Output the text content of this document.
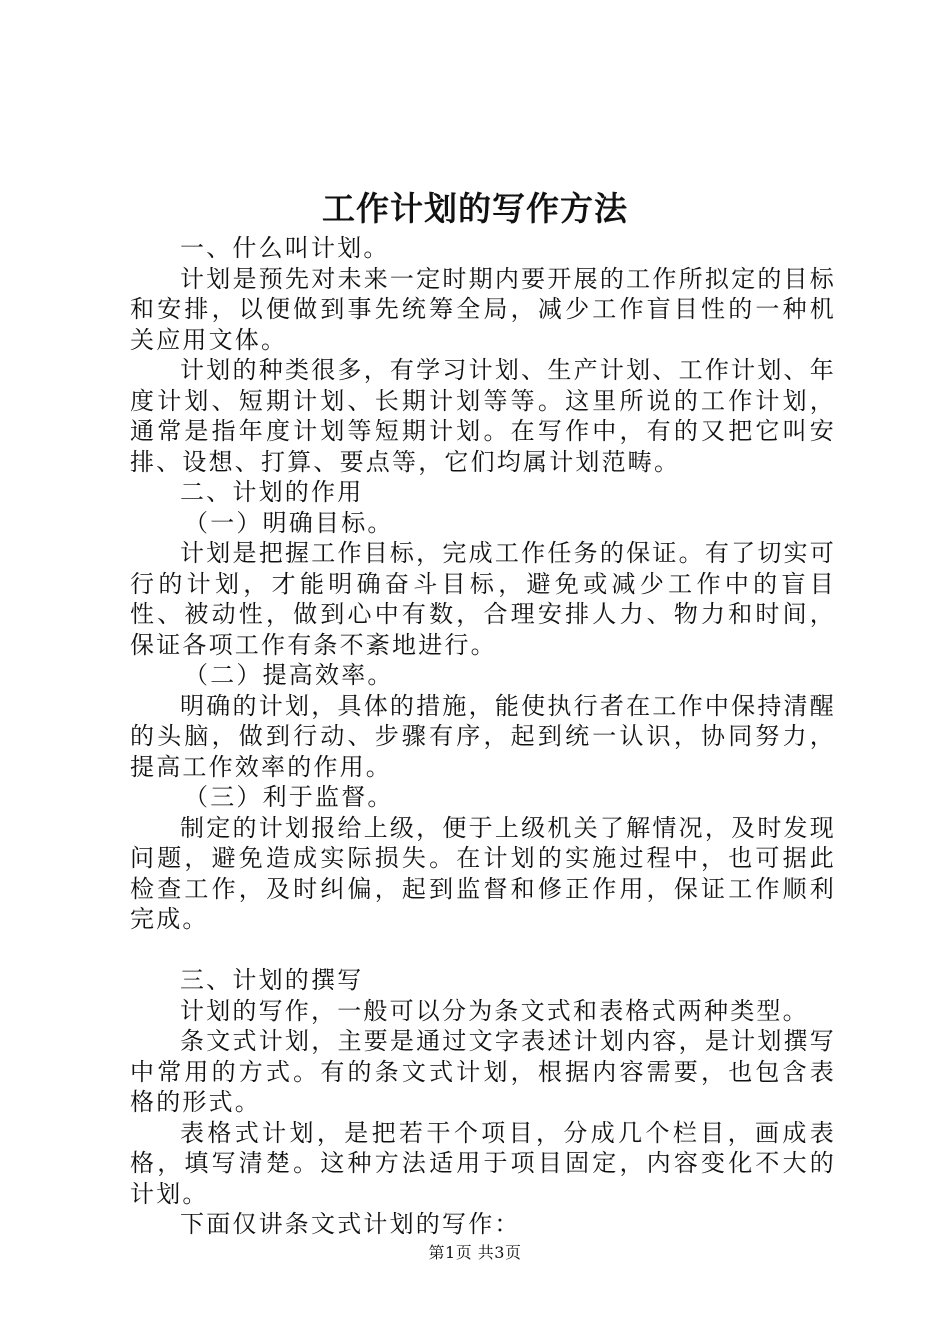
工作计划的写作方法

一、什么叫计划。

计划是预先对未来一定时期内要开展的工作所拟定的目标和安排，以便做到事先统筹全局，减少工作盲目性的一种机关应用文体。

计划的种类很多，有学习计划、生产计划、工作计划、年度计划、短期计划、长期计划等等。这里所说的工作计划，通常是指年度计划等短期计划。在写作中，有的又把它叫安排、设想、打算、要点等，它们均属计划范畴。

二、计划的作用

（一）明确目标。

计划是把握工作目标，完成工作任务的保证。有了切实可行的计划，才能明确奋斗目标，避免或减少工作中的盲目性、被动性，做到心中有数，合理安排人力、物力和时间，保证各项工作有条不紊地进行。

（二）提高效率。

明确的计划，具体的措施，能使执行者在工作中保持清醒的头脑，做到行动、步骤有序，起到统一认识，协同努力，提高工作效率的作用。

（三）利于监督。

制定的计划报给上级，便于上级机关了解情况，及时发现问题，避免造成实际损失。在计划的实施过程中，也可据此检查工作，及时纠偏，起到监督和修正作用，保证工作顺利完成。

三、计划的撰写

计划的写作，一般可以分为条文式和表格式两种类型。

条文式计划，主要是通过文字表述计划内容，是计划撰写中常用的方式。有的条文式计划，根据内容需要，也包含表格的形式。

表格式计划，是把若干个项目，分成几个栏目，画成表格，填写清楚。这种方法适用于项目固定，内容变化不大的计划。

下面仅讲条文式计划的写作：

第1页 共3页
